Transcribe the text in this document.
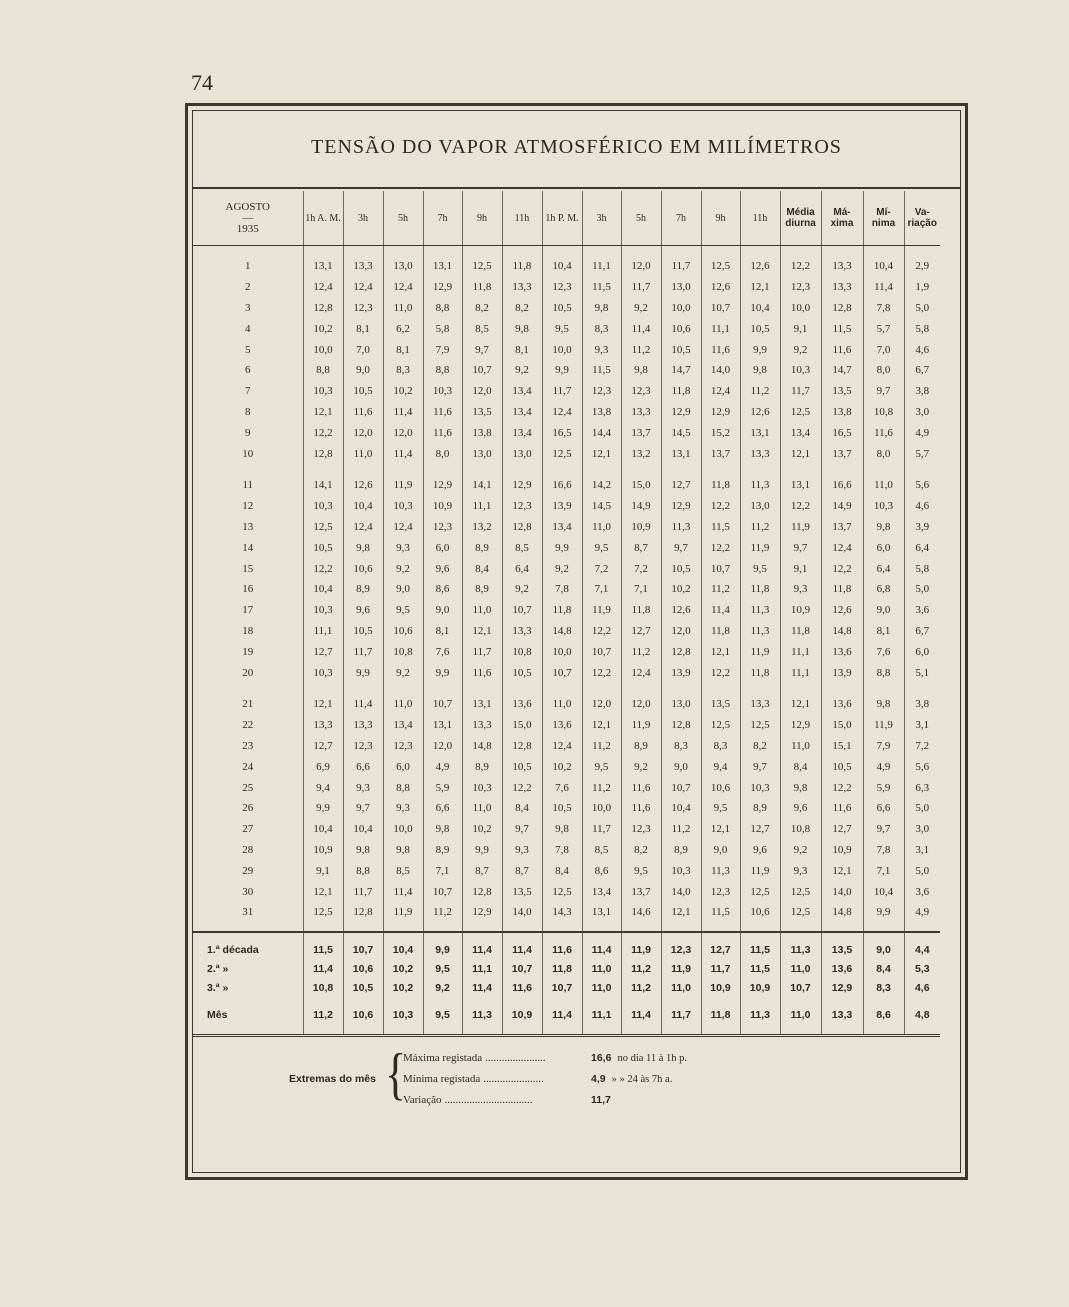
74
TENSÃO DO VAPOR ATMOSFÉRICO EM MILÍMETROS
AGOSTO
—
1935	1h A. M.	3h	5h	7h	9h	11h	1h P. M.	3h	5h	7h	9h	11h	Média diurna	Má- xima	Mí- nima	Va- riação

1	13,1	13,3	13,0	13,1	12,5	11,8	10,4	11,1	12,0	11,7	12,5	12,6	12,2	13,3	10,4	2,9
2	12,4	12,4	12,4	12,9	11,8	13,3	12,3	11,5	11,7	13,0	12,6	12,1	12,3	13,3	11,4	1,9
3	12,8	12,3	11,0	8,8	8,2	8,2	10,5	9,8	9,2	10,0	10,7	10,4	10,0	12,8	7,8	5,0
4	10,2	8,1	6,2	5,8	8,5	9,8	9,5	8,3	11,4	10,6	11,1	10,5	9,1	11,5	5,7	5,8
5	10,0	7,0	8,1	7,9	9,7	8,1	10,0	9,3	11,2	10,5	11,6	9,9	9,2	11,6	7,0	4,6
6	8,8	9,0	8,3	8,8	10,7	9,2	9,9	11,5	9,8	14,7	14,0	9,8	10,3	14,7	8,0	6,7
7	10,3	10,5	10,2	10,3	12,0	13,4	11,7	12,3	12,3	11,8	12,4	11,2	11,7	13,5	9,7	3,8
8	12,1	11,6	11,4	11,6	13,5	13,4	12,4	13,8	13,3	12,9	12,9	12,6	12,5	13,8	10,8	3,0
9	12,2	12,0	12,0	11,6	13,8	13,4	16,5	14,4	13,7	14,5	15,2	13,1	13,4	16,5	11,6	4,9
10	12,8	11,0	11,4	8,0	13,0	13,0	12,5	12,1	13,2	13,1	13,7	13,3	12,1	13,7	8,0	5,7

11	14,1	12,6	11,9	12,9	14,1	12,9	16,6	14,2	15,0	12,7	11,8	11,3	13,1	16,6	11,0	5,6
12	10,3	10,4	10,3	10,9	11,1	12,3	13,9	14,5	14,9	12,9	12,2	13,0	12,2	14,9	10,3	4,6
13	12,5	12,4	12,4	12,3	13,2	12,8	13,4	11,0	10,9	11,3	11,5	11,2	11,9	13,7	9,8	3,9
14	10,5	9,8	9,3	6,0	8,9	8,5	9,9	9,5	8,7	9,7	12,2	11,9	9,7	12,4	6,0	6,4
15	12,2	10,6	9,2	9,6	8,4	6,4	9,2	7,2	7,2	10,5	10,7	9,5	9,1	12,2	6,4	5,8
16	10,4	8,9	9,0	8,6	8,9	9,2	7,8	7,1	7,1	10,2	11,2	11,8	9,3	11,8	6,8	5,0
17	10,3	9,6	9,5	9,0	11,0	10,7	11,8	11,9	11,8	12,6	11,4	11,3	10,9	12,6	9,0	3,6
18	11,1	10,5	10,6	8,1	12,1	13,3	14,8	12,2	12,7	12,0	11,8	11,3	11,8	14,8	8,1	6,7
19	12,7	11,7	10,8	7,6	11,7	10,8	10,0	10,7	11,2	12,8	12,1	11,9	11,1	13,6	7,6	6,0
20	10,3	9,9	9,2	9,9	11,6	10,5	10,7	12,2	12,4	13,9	12,2	11,8	11,1	13,9	8,8	5,1

21	12,1	11,4	11,0	10,7	13,1	13,6	11,0	12,0	12,0	13,0	13,5	13,3	12,1	13,6	9,8	3,8
22	13,3	13,3	13,4	13,1	13,3	15,0	13,6	12,1	11,9	12,8	12,5	12,5	12,9	15,0	11,9	3,1
23	12,7	12,3	12,3	12,0	14,8	12,8	12,4	11,2	8,9	8,3	8,3	8,2	11,0	15,1	7,9	7,2
24	6,9	6,6	6,0	4,9	8,9	10,5	10,2	9,5	9,2	9,0	9,4	9,7	8,4	10,5	4,9	5,6
25	9,4	9,3	8,8	5,9	10,3	12,2	7,6	11,2	11,6	10,7	10,6	10,3	9,8	12,2	5,9	6,3
26	9,9	9,7	9,3	6,6	11,0	8,4	10,5	10,0	11,6	10,4	9,5	8,9	9,6	11,6	6,6	5,0
27	10,4	10,4	10,0	9,8	10,2	9,7	9,8	11,7	12,3	11,2	12,1	12,7	10,8	12,7	9,7	3,0
28	10,9	9,8	9,8	8,9	9,9	9,3	7,8	8,5	8,2	8,9	9,0	9,6	9,2	10,9	7,8	3,1
29	9,1	8,8	8,5	7,1	8,7	8,7	8,4	8,6	9,5	10,3	11,3	11,9	9,3	12,1	7,1	5,0
30	12,1	11,7	11,4	10,7	12,8	13,5	12,5	13,4	13,7	14,0	12,3	12,5	12,5	14,0	10,4	3,6
31	12,5	12,8	11,9	11,2	12,9	14,0	14,3	13,1	14,6	12,1	11,5	10,6	12,5	14,8	9,9	4,9

1.ª década	11,5	10,7	10,4	9,9	11,4	11,4	11,6	11,4	11,9	12,3	12,7	11,5	11,3	13,5	9,0	4,4
2.ª »	11,4	10,6	10,2	9,5	11,1	10,7	11,8	11,0	11,2	11,9	11,7	11,5	11,0	13,6	8,4	5,3
3.ª »	10,8	10,5	10,2	9,2	11,4	11,6	10,7	11,0	11,2	11,0	10,9	10,9	10,7	12,9	8,3	4,6

Mês	11,2	10,6	10,3	9,5	11,3	10,9	11,4	11,1	11,4	11,7	11,8	11,3	11,0	13,3	8,6	4,8

Extremas do mês {
Máxima registada ......................	16,6 no dia 11 à 1h p.
Mínima registada ......................	4,9 » » 24 às 7h a.
Variação ................................	11,7
